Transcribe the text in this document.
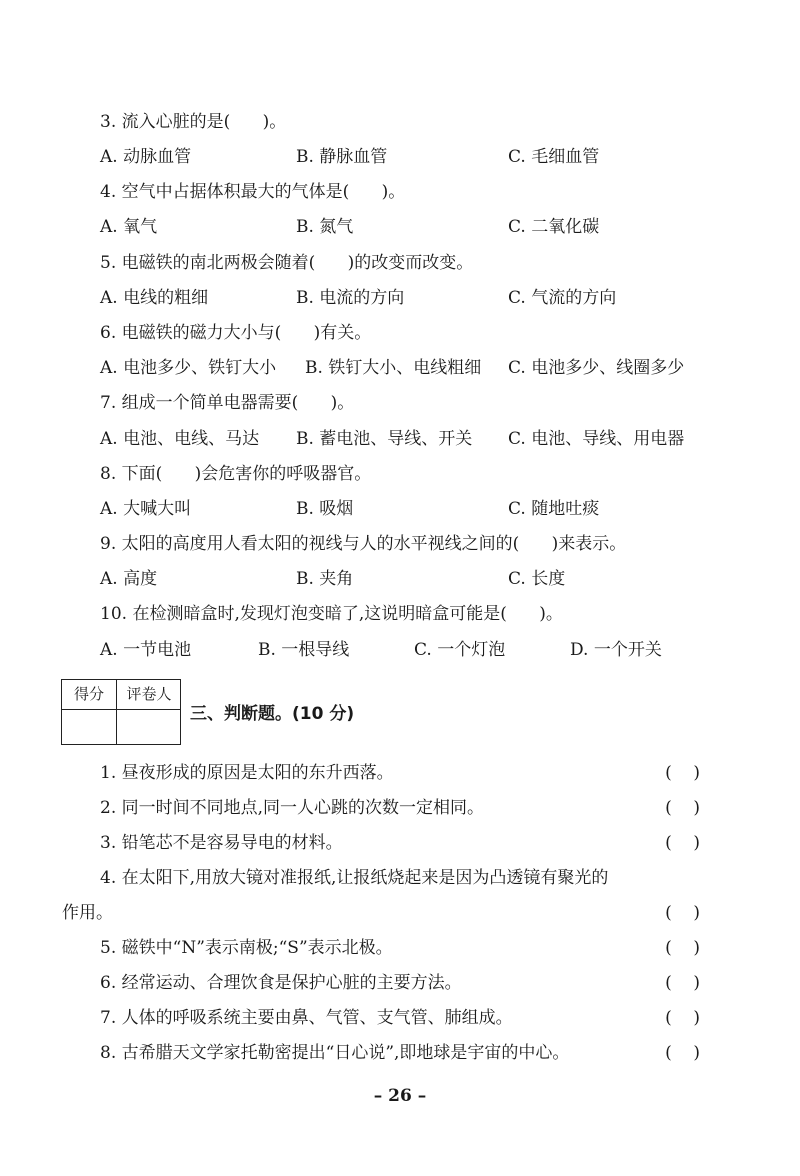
3. 流入心脏的是(      )。
A. 动脉血管	B. 静脉血管	C. 毛细血管
4. 空气中占据体积最大的气体是(      )。
A. 氧气	B. 氮气	C. 二氧化碳
5. 电磁铁的南北两极会随着(      )的改变而改变。
A. 电线的粗细	B. 电流的方向	C. 气流的方向
6. 电磁铁的磁力大小与(      )有关。
A. 电池多少、铁钉大小 B. 铁钉大小、电线粗细 C. 电池多少、线圈多少
7. 组成一个简单电器需要(      )。
A. 电池、电线、马达 B. 蓄电池、导线、开关 C. 电池、导线、用电器
8. 下面(      )会危害你的呼吸器官。
A. 大喊大叫	B. 吸烟	C. 随地吐痰
9. 太阳的高度用人看太阳的视线与人的水平视线之间的(      )来表示。
A. 高度	B. 夹角	C. 长度
10. 在检测暗盒时,发现灯泡变暗了,这说明暗盒可能是(      )。
A. 一节电池	B. 一根导线	C. 一个灯泡	D. 一个开关
得分	评卷人
三、判断题。(10 分)
1. 昼夜形成的原因是太阳的东升西落。	(    )
2. 同一时间不同地点,同一人心跳的次数一定相同。	(    )
3. 铅笔芯不是容易导电的材料。	(    )
4. 在太阳下,用放大镜对准报纸,让报纸烧起来是因为凸透镜有聚光的
作用。	(    )
5. 磁铁中“N”表示南极;“S”表示北极。	(    )
6. 经常运动、合理饮食是保护心脏的主要方法。	(    )
7. 人体的呼吸系统主要由鼻、气管、支气管、肺组成。	(    )
8. 古希腊天文学家托勒密提出“日心说”,即地球是宇宙的中心。	(    )
– 26 –
